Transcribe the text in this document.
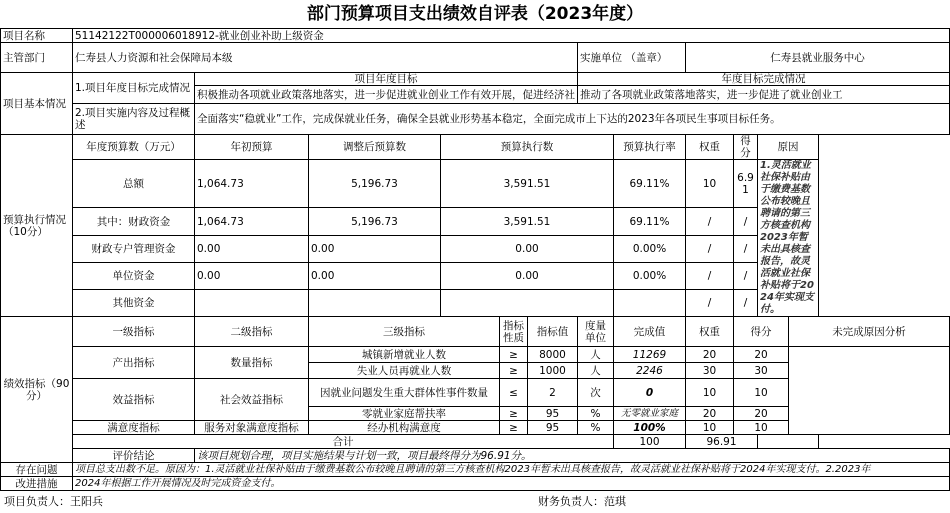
部门预算项目支出绩效自评表（2023年度）
项目名称	51142122T000006018912-就业创业补助上级资金											
主管部门	仁寿县人力资源和社会保障局本级						实施单位 （盖章）		仁寿县就业服务中心			
项目基本情况	1.项目年度目标完成情况	项目年度目标					年度目标完成情况					
		积极推动各项就业政策落地落实，进一步促进就业创业工作有效开展，促进经济社					推动了各项就业政策落地落实，进一步促进了就业创业工					
	2.项目实施内容及过程概述	全面落实“稳就业”工作，完成保就业任务，确保全县就业形势基本稳定，全面完成市上下达的2023年各项民生事项目标任务。										
预算执行情况（10分）	年度预算数（万元）	年初预算	调整后预算数	预算执行数				预算执行率	权重	得分	原因	
	总额	1,064.73	5,196.73	3,591.51				69.11%	10	6.91	1.灵活就业社保补贴由于缴费基数公布较晚且聘请的第三方核查机构2023年暂未出具核查报告，故灵活就业社保补贴将于2024年实现支付。	
	其中：财政资金	1,064.73	5,196.73	3,591.51				69.11%	/	/		
	财政专户管理资金	0.00	0.00	0.00				0.00%	/	/		
	单位资金	0.00	0.00	0.00				0.00%	/	/		
	其他资金								/	/		
绩效指标（90分）	一级指标	二级指标	三级指标		指标性质	指标值	度量单位	完成值	权重	得分		未完成原因分析
	产出指标	数量指标	城镇新增就业人数		≥	8000	人	11269	20	20		
			失业人员再就业人数		≥	1000	人	2246	30	30		
	效益指标	社会效益指标	因就业问题发生重大群体性事件数量		≤	2	次	0	10	10		
			零就业家庭帮扶率		≥	95	%	无零就业家庭	20	20		
	满意度指标	服务对象满意度指标	经办机构满意度		≥	95	%	100%	10	10		
	合计							100	96.91			
	评价结论	该项目规划合理，项目实施结果与计划一致，项目最终得分为96.91分。										
存在问题	项目总支出数不足。原因为：1.灵活就业社保补贴由于缴费基数公布较晚且聘请的第三方核查机构2023年暂未出具核查报告，故灵活就业社保补贴将于2024年实现支付。2.2023年											
改进措施	2024年根据工作开展情况及时完成资金支付。											
项目负责人：王阳兵	财务负责人：范琪
